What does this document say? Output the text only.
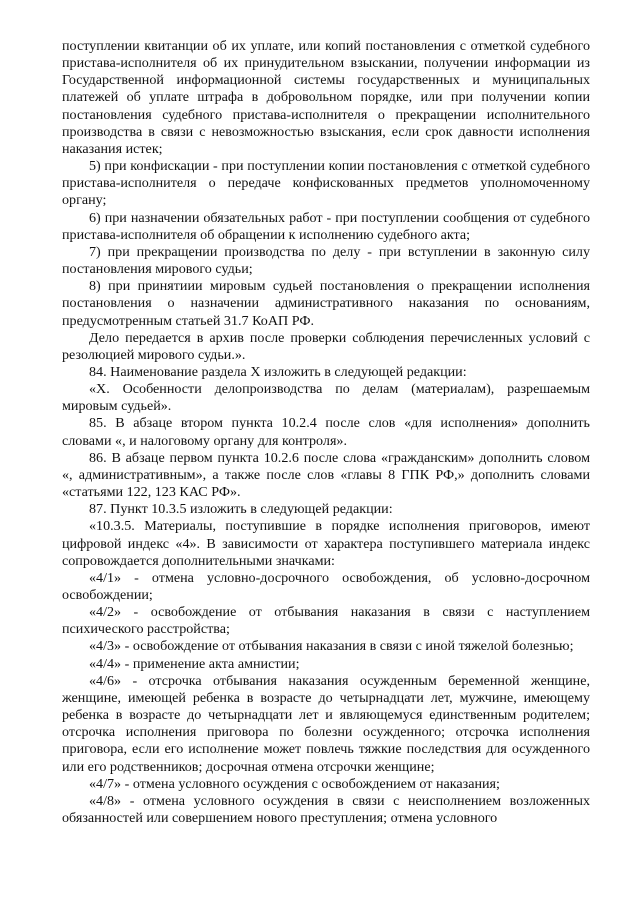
поступлении квитанции об их уплате, или копий постановления с отметкой судебного пристава-исполнителя об их принудительном взыскании, получении информации из Государственной информационной системы государственных и муниципальных платежей об уплате штрафа в добровольном порядке, или при получении копии постановления судебного пристава-исполнителя о прекращении исполнительного производства в связи с невозможностью взыскания, если срок давности исполнения наказания истек;

5) при конфискации - при поступлении копии постановления с отметкой судебного пристава-исполнителя о передаче конфискованных предметов уполномоченному органу;

6) при назначении обязательных работ - при поступлении сообщения от судебного пристава-исполнителя об обращении к исполнению судебного акта;

7) при прекращении производства по делу - при вступлении в законную силу постановления мирового судьи;

8) при принятиии мировым судьей постановления о прекращении исполнения постановления о назначении административного наказания по основаниям, предусмотренным статьей 31.7 КоАП РФ.

Дело передается в архив после проверки соблюдения перечисленных условий с резолюцией мирового судьи.».

84. Наименование раздела X изложить в следующей редакции:

«X. Особенности делопроизводства по делам (материалам), разрешаемым мировым судьей».

85. В абзаце втором пункта 10.2.4 после слов «для исполнения» дополнить словами «, и налоговому органу для контроля».

86. В абзаце первом пункта 10.2.6 после слова «гражданским» дополнить словом «, административным», а также после слов «главы 8 ГПК РФ,» дополнить словами «статьями 122, 123 КАС РФ».

87. Пункт 10.3.5 изложить в следующей редакции:

«10.3.5. Материалы, поступившие в порядке исполнения приговоров, имеют цифровой индекс «4». В зависимости от характера поступившего материала индекс сопровождается дополнительными значками:

«4/1» - отмена условно-досрочного освобождения, об условно-досрочном освобождении;

«4/2» - освобождение от отбывания наказания в связи с наступлением психического расстройства;

«4/3» - освобождение от отбывания наказания в связи с иной тяжелой болезнью;

«4/4» - применение акта амнистии;

«4/6» - отсрочка отбывания наказания осужденным беременной женщине, женщине, имеющей ребенка в возрасте до четырнадцати лет, мужчине, имеющему ребенка в возрасте до четырнадцати лет и являющемуся единственным родителем; отсрочка исполнения приговора по болезни осужденного; отсрочка исполнения приговора, если его исполнение может повлечь тяжкие последствия для осужденного или его родственников; досрочная отмена отсрочки женщине;

«4/7» - отмена условного осуждения с освобождением от наказания;

«4/8» - отмена условного осуждения в связи с неисполнением возложенных обязанностей или совершением нового преступления; отмена условного
